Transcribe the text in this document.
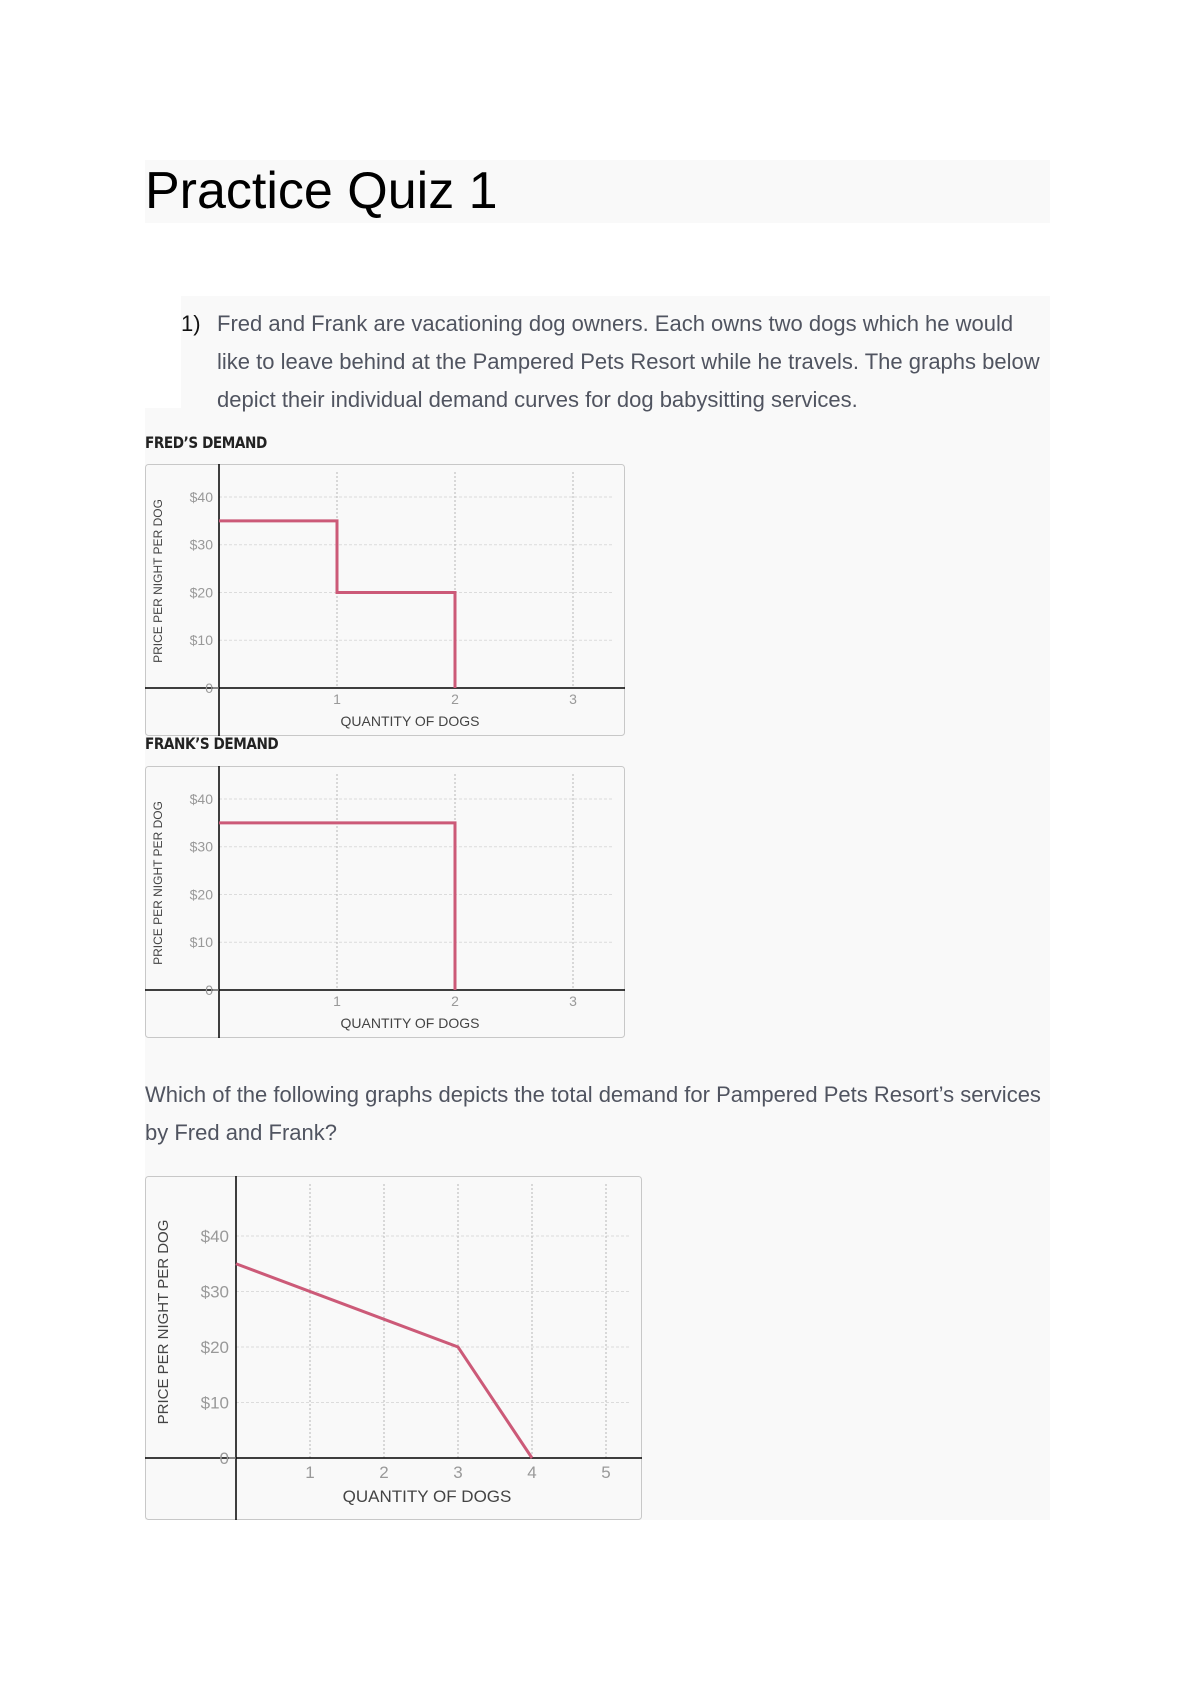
Practice Quiz 1
1) Fred and Frank are vacationing dog owners. Each owns two dogs which he would like to leave behind at the Pampered Pets Resort while he travels. The graphs below depict their individual demand curves for dog babysitting services.
FRED’S DEMAND
$40
$30
$20
$10
0
1	2	3
QUANTITY OF DOGS
PRICE PER NIGHT PER DOG
FRANK’S DEMAND
$40
$30
$20
$10
0
1	2	3
QUANTITY OF DOGS
PRICE PER NIGHT PER DOG
Which of the following graphs depicts the total demand for Pampered Pets Resort’s services by Fred and Frank?
$40
$30
$20
$10
0
1	2	3	4	5
QUANTITY OF DOGS
PRICE PER NIGHT PER DOG
